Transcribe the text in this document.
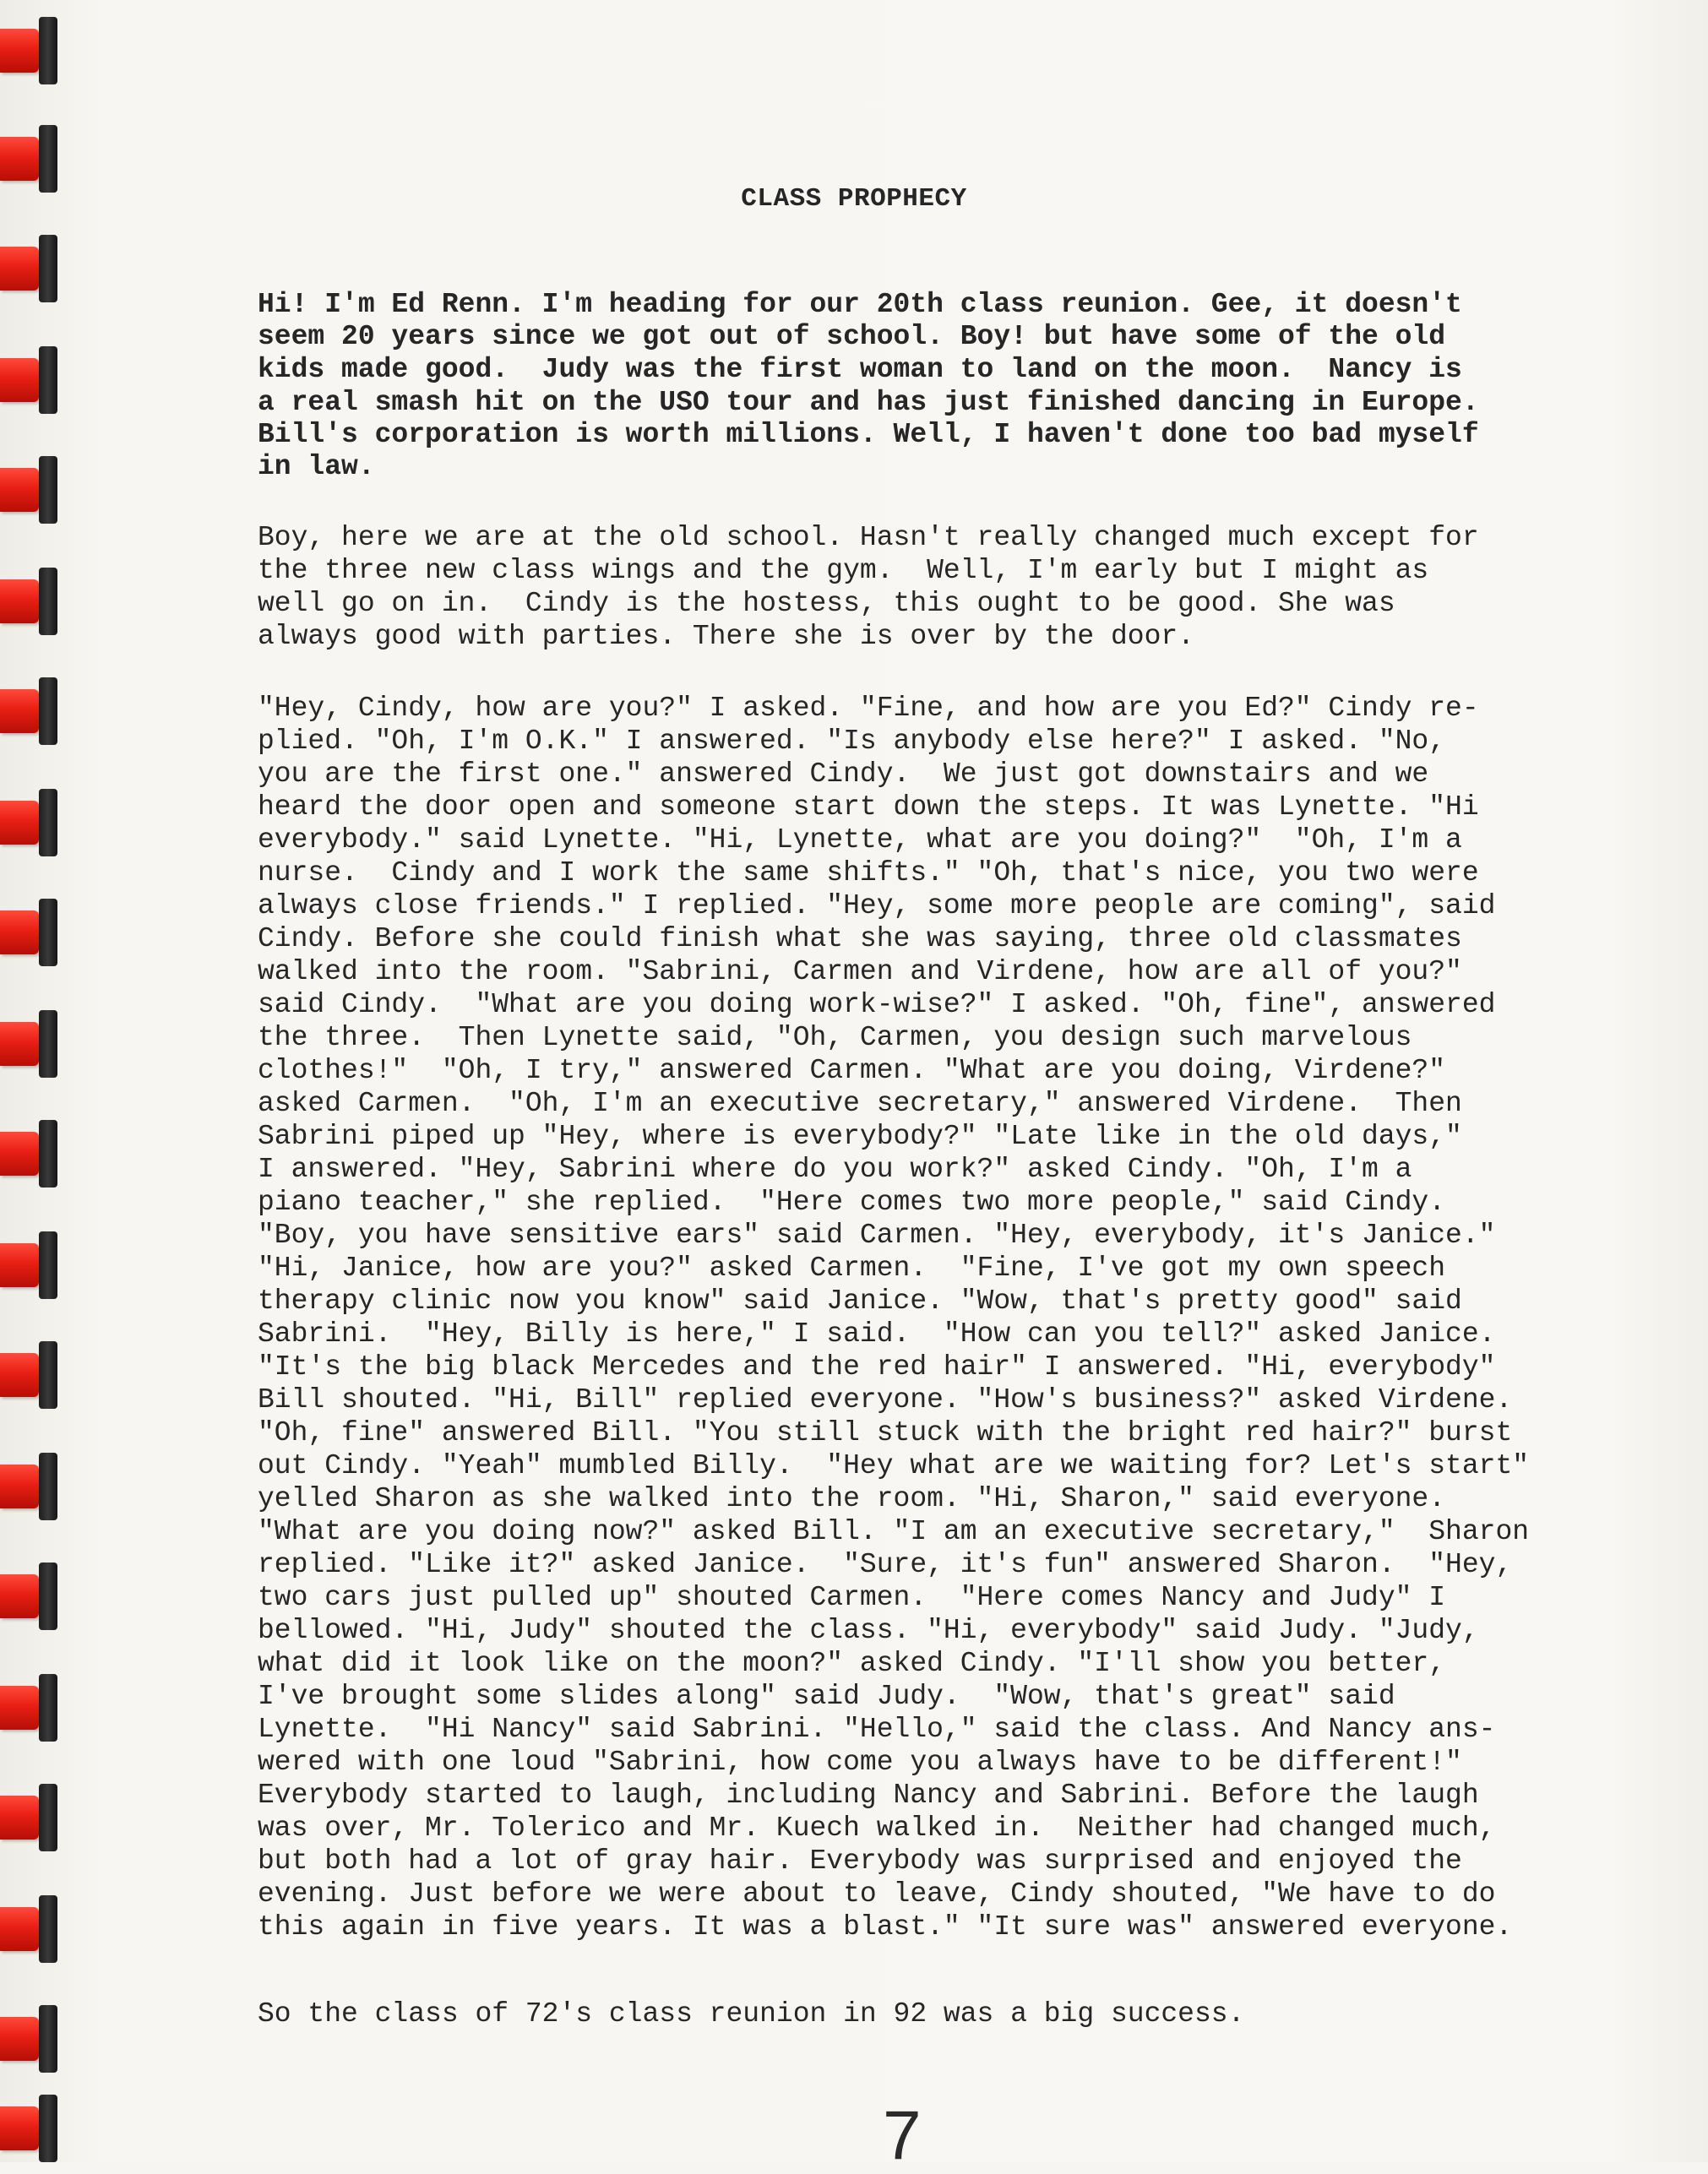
CLASS PROPHECY
Hi! I'm Ed Renn. I'm heading for our 20th class reunion. Gee, it doesn't
seem 20 years since we got out of school. Boy! but have some of the old
kids made good.  Judy was the first woman to land on the moon.  Nancy is
a real smash hit on the USO tour and has just finished dancing in Europe.
Bill's corporation is worth millions. Well, I haven't done too bad myself
in law.
Boy, here we are at the old school. Hasn't really changed much except for
the three new class wings and the gym.  Well, I'm early but I might as
well go on in.  Cindy is the hostess, this ought to be good. She was
always good with parties. There she is over by the door.
"Hey, Cindy, how are you?" I asked. "Fine, and how are you Ed?" Cindy re-
plied. "Oh, I'm O.K." I answered. "Is anybody else here?" I asked. "No,
you are the first one." answered Cindy.  We just got downstairs and we
heard the door open and someone start down the steps. It was Lynette. "Hi
everybody." said Lynette. "Hi, Lynette, what are you doing?"  "Oh, I'm a
nurse.  Cindy and I work the same shifts." "Oh, that's nice, you two were
always close friends." I replied. "Hey, some more people are coming", said
Cindy. Before she could finish what she was saying, three old classmates
walked into the room. "Sabrini, Carmen and Virdene, how are all of you?"
said Cindy.  "What are you doing work-wise?" I asked. "Oh, fine", answered
the three.  Then Lynette said, "Oh, Carmen, you design such marvelous
clothes!"  "Oh, I try," answered Carmen. "What are you doing, Virdene?"
asked Carmen.  "Oh, I'm an executive secretary," answered Virdene.  Then
Sabrini piped up "Hey, where is everybody?" "Late like in the old days,"
I answered. "Hey, Sabrini where do you work?" asked Cindy. "Oh, I'm a
piano teacher," she replied.  "Here comes two more people," said Cindy.
"Boy, you have sensitive ears" said Carmen. "Hey, everybody, it's Janice."
"Hi, Janice, how are you?" asked Carmen.  "Fine, I've got my own speech
therapy clinic now you know" said Janice. "Wow, that's pretty good" said
Sabrini.  "Hey, Billy is here," I said.  "How can you tell?" asked Janice.
"It's the big black Mercedes and the red hair" I answered. "Hi, everybody"
Bill shouted. "Hi, Bill" replied everyone. "How's business?" asked Virdene.
"Oh, fine" answered Bill. "You still stuck with the bright red hair?" burst
out Cindy. "Yeah" mumbled Billy.  "Hey what are we waiting for? Let's start"
yelled Sharon as she walked into the room. "Hi, Sharon," said everyone.
"What are you doing now?" asked Bill. "I am an executive secretary,"  Sharon
replied. "Like it?" asked Janice.  "Sure, it's fun" answered Sharon.  "Hey,
two cars just pulled up" shouted Carmen.  "Here comes Nancy and Judy" I
bellowed. "Hi, Judy" shouted the class. "Hi, everybody" said Judy. "Judy,
what did it look like on the moon?" asked Cindy. "I'll show you better,
I've brought some slides along" said Judy.  "Wow, that's great" said
Lynette.  "Hi Nancy" said Sabrini. "Hello," said the class. And Nancy ans-
wered with one loud "Sabrini, how come you always have to be different!"
Everybody started to laugh, including Nancy and Sabrini. Before the laugh
was over, Mr. Tolerico and Mr. Kuech walked in.  Neither had changed much,
but both had a lot of gray hair. Everybody was surprised and enjoyed the
evening. Just before we were about to leave, Cindy shouted, "We have to do
this again in five years. It was a blast." "It sure was" answered everyone.
So the class of 72's class reunion in 92 was a big success.
7
